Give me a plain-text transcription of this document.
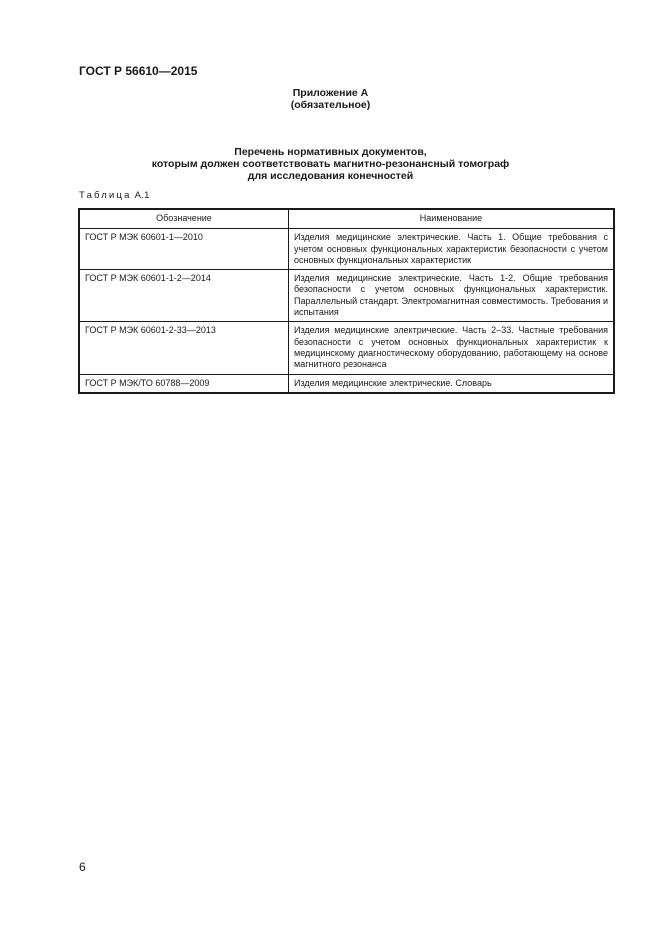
ГОСТ Р 56610—2015
Приложение А
(обязательное)
Перечень нормативных документов,
которым должен соответствовать магнитно-резонансный томограф
для исследования конечностей
Таблица А.1
Обозначение	Наименование
ГОСТ Р МЭК 60601-1—2010	Изделия медицинские электрические. Часть 1. Общие требования с учетом основных функциональных характеристик безопасности с учетом основных функциональных характеристик
ГОСТ Р МЭК 60601-1-2—2014	Изделия медицинские электрические. Часть 1-2. Общие требования безопасности с учетом основных функциональных характеристик. Параллельный стандарт. Электромагнитная совместимость. Требования и испытания
ГОСТ Р МЭК 60601-2-33—2013	Изделия медицинские электрические. Часть 2–33. Частные требования безопасности с учетом основных функциональных характеристик к медицинскому диагностическому оборудованию, работающему на основе магнитного резонанса
ГОСТ Р МЭК/ТО 60788—2009	Изделия медицинские электрические. Словарь
6
